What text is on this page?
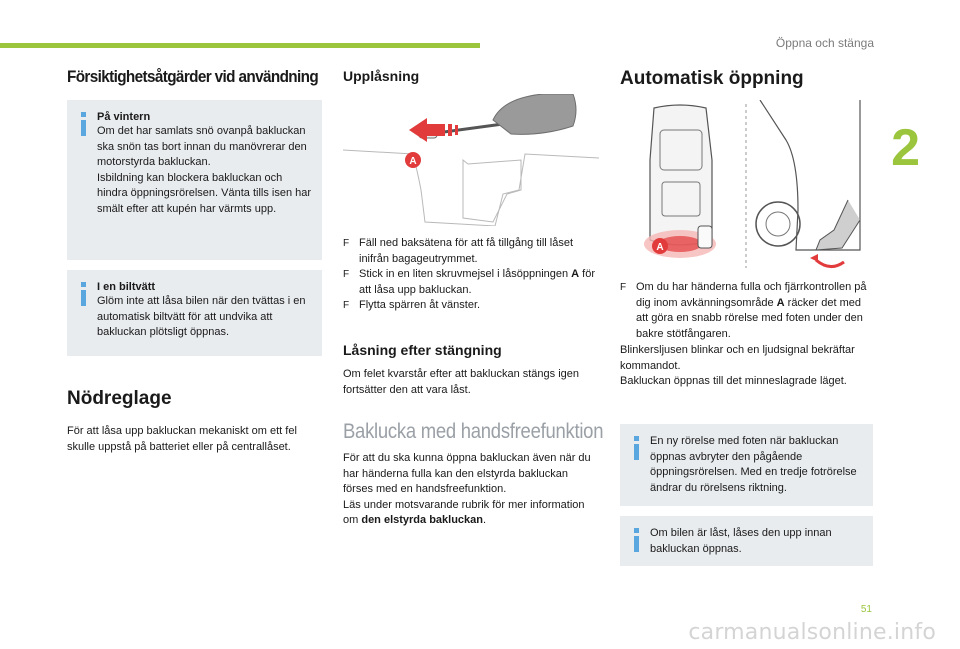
Öppna och stänga
2
51
carmanualsonline.info
Försiktighetsåtgärder vid användning
På vintern
Om det har samlats snö ovanpå bakluckan ska snön tas bort innan du manövrerar den motorstyrda bakluckan.
Isbildning kan blockera bakluckan och hindra öppningsrörelsen. Vänta tills isen har smält efter att kupén har värmts upp.
I en biltvätt
Glöm inte att låsa bilen när den tvättas i en automatisk biltvätt för att undvika att bakluckan plötsligt öppnas.
Nödreglage
För att låsa upp bakluckan mekaniskt om ett fel skulle uppstå på batteriet eller på centrallåset.
Upplåsning
A
F Fäll ned baksätena för att få tillgång till låset inifrån bagageutrymmet.
F Stick in en liten skruvmejsel i låsöppningen A för att låsa upp bakluckan.
F Flytta spärren åt vänster.
Låsning efter stängning
Om felet kvarstår efter att bakluckan stängs igen fortsätter den att vara låst.
Baklucka med handsfreefunktion
För att du ska kunna öppna bakluckan även när du har händerna fulla kan den elstyrda bakluckan förses med en handsfreefunktion.
Läs under motsvarande rubrik för mer information om den elstyrda bakluckan.
Automatisk öppning
A
F Om du har händerna fulla och fjärrkontrollen på dig inom avkänningsområde A räcker det med att göra en snabb rörelse med foten under den bakre stötfångaren.
Blinkersljusen blinkar och en ljudsignal bekräftar kommandot.
Bakluckan öppnas till det minneslagrade läget.
En ny rörelse med foten när bakluckan öppnas avbryter den pågående öppningsrörelsen. Med en tredje fotrörelse ändrar du rörelsens riktning.
Om bilen är låst, låses den upp innan bakluckan öppnas.
